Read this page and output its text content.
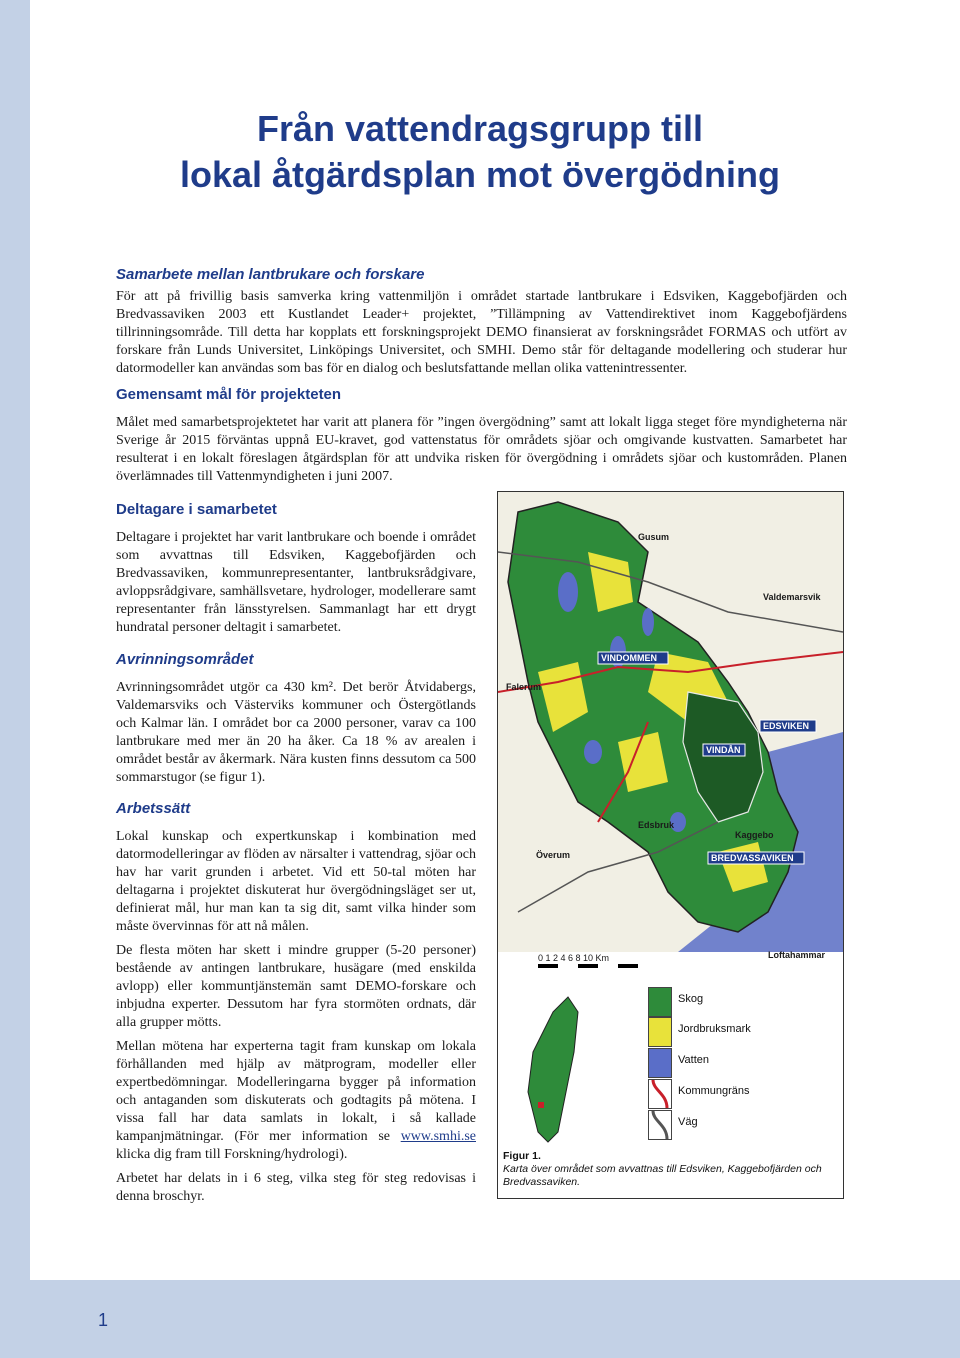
Från vattendragsgrupp till
lokal åtgärdsplan mot övergödning
Samarbete mellan lantbrukare och forskare

För att på frivillig basis samverka kring vattenmiljön i området startade lantbrukare i Edsviken, Kaggebofjärden och Bredvassaviken 2003 ett Kustlandet Leader+ projektet, ”Tillämpning av Vattendirektivet inom Kaggebofjärdens tillrinningsområde. Till detta har kopplats ett forskningsprojekt DEMO finansierat av forskningsrådet FORMAS och utfört av forskare från Lunds Universitet, Linköpings Universitet, och SMHI. Demo står för deltagande modellering och studerar hur datormodeller kan användas som bas för en dialog och beslutsfattande mellan olika vattenintressenter.

Gemensamt mål för projekteten

Målet med samarbetsprojektetet har varit att planera för ”ingen övergödning” samt att lokalt ligga steget före myndigheterna när Sverige år 2015 förväntas uppnå EU-kravet, god vattenstatus för områdets sjöar och omgivande kustvatten. Samarbetet har resulterat i en lokalt föreslagen åtgärdsplan för att undvika risken för övergödning i områdets sjöar och kustområden. Planen överlämnades till Vattenmyndigheten i juni 2007.

Deltagare i samarbetet

Deltagare i projektet har varit lantbrukare och boende i området som avvattnas till Edsviken, Kaggebofjärden och Bredvassaviken, kommunrepresentanter, lantbruksrådgivare, avloppsrådgivare, samhällsvetare, hydrologer, modellerare samt representanter från länsstyrelsen. Sammanlagt har ett drygt hundratal personer deltagit i samarbetet.

Avrinningsområdet

Avrinningsområdet utgör ca 430 km². Det berör Åtvidabergs, Valdemarsviks och Västerviks kommuner och Östergötlands och Kalmar län. I området bor ca 2000 personer, varav ca 100 lantbrukare med mer än 20 ha åker. Ca 18 % av arealen i området består av åkermark. Nära kusten finns dessutom ca 500 sommarstugor (se figur 1).

Arbetssätt

Lokal kunskap och expertkunskap i kombination med datormodelleringar av flöden av närsalter i vattendrag, sjöar och hav har varit grunden i arbetet. Vid ett 50-tal möten har deltagarna i projektet diskuterat hur övergödningsläget ser ut, definierat mål, hur man kan ta sig dit, samt vilka hinder som måste övervinnas för att nå målen.

De flesta möten har skett i mindre grupper (5-20 personer) bestående av antingen lantbrukare, husägare (med enskilda avlopp) eller kommuntjänstemän samt DEMO-forskare och inbjudna experter. Dessutom har fyra stormöten ordnats, där alla grupper mötts.

Mellan mötena har experterna tagit fram kunskap om lokala förhållanden med hjälp av mätprogram, modeller eller expertbedömningar. Modelleringarna bygger på information och antaganden som diskuterats och godtagits på mötena. I vissa fall har data samlats in lokalt, i så kallade kampanjmätningar. (För mer information se www.smhi.se klicka dig fram till Forskning/hydrologi).

Arbetet har delats in i 6 steg, vilka steg för steg redovisas i denna broschyr.

Gusum
Valdemarsvik
VINDOMMEN
Falerum
EDSVIKEN
VINDÅN
Edsbruk
Kaggebo
Överum	BREDVASSAVIKEN
Loftahammar
0 1 2 4 6 8 10 Km
Skog
Jordbruksmark
Vatten
Kommungräns
Väg
Figur 1.
Karta över området som avvattnas till Edsviken, Kaggebofjärden och Bredvassaviken.
1
